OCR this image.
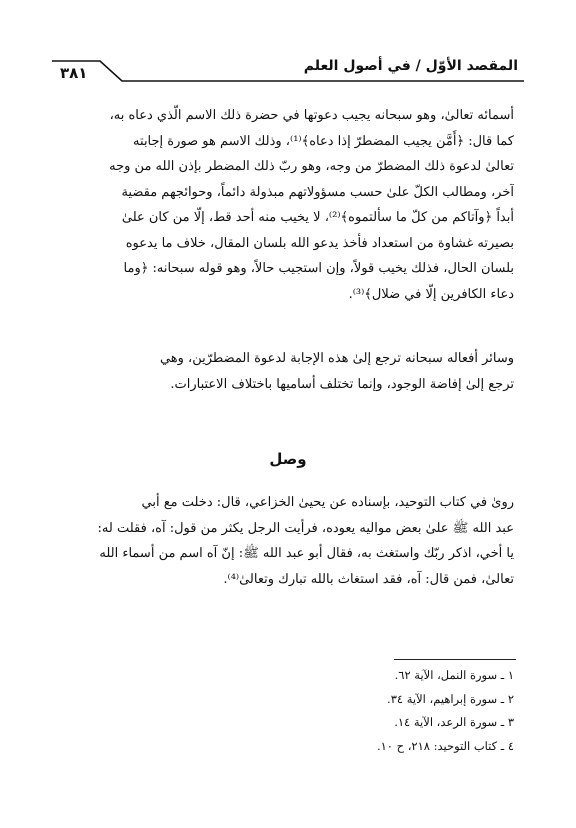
المقصد الأوّل / في أصول العلم
٣٨١
أسمائه تعالىٰ، وهو سبحانه يجيب دعوتها في حضرة ذلك الاسم الّذي دعاه به،
كما قال: ﴿أَمَّن يجيب المضطرّ إذا دعاه﴾⁽¹⁾، وذلك الاسم هو صورة إجابته
تعالىٰ لدعوة ذلك المضطرّ من وجه، وهو ربّ ذلك المضطر بإذن الله من وجه
آخر، ومطالب الكلّ علىٰ حسب مسؤولاتهم مبذولة دائماً، وحوائجهم مقضية
أبداً ﴿وآتاكم من كلّ ما سألتموه﴾⁽²⁾، لا يخيب منه أحد قط، إلّا من كان علىٰ
بصيرته غشاوة من استعداد فأخذ يدعو الله بلسان المقال، خلاف ما يدعوه
بلسان الحال، فذلك يخيب قولاً، وإن استجيب حالاً، وهو قوله سبحانه: ﴿وما
دعاء الكافرين إلّا في ضلال﴾⁽³⁾.
وسائر أفعاله سبحانه ترجع إلىٰ هذه الإجابة لدعوة المضطرّين، وهي
ترجع إلىٰ إفاضة الوجود، وإنما تختلف أساميها باختلاف الاعتبارات.
وصل
رویٰ في كتاب التوحيد، بإسناده عن يحيىٰ الخزاعي، قال: دخلت مع أبي
عبد الله ﷺ علىٰ بعض مواليه يعوده، فرأيت الرجل يكثر من قول: آه، فقلت له:
يا أخي، اذكر ربّك واستغث به، فقال أبو عبد الله ﷺ: إنّ آه اسم من أسماء الله
تعالىٰ، فمن قال: آه، فقد استغاث بالله تبارك وتعالىٰ⁽⁴⁾.
١ ـ سورة النمل، الآية ٦٢.
٢ ـ سورة إبراهيم، الآية ٣٤.
٣ ـ سورة الرعد، الآية ١٤.
٤ ـ كتاب التوحيد: ٢١٨، ح ١٠.
